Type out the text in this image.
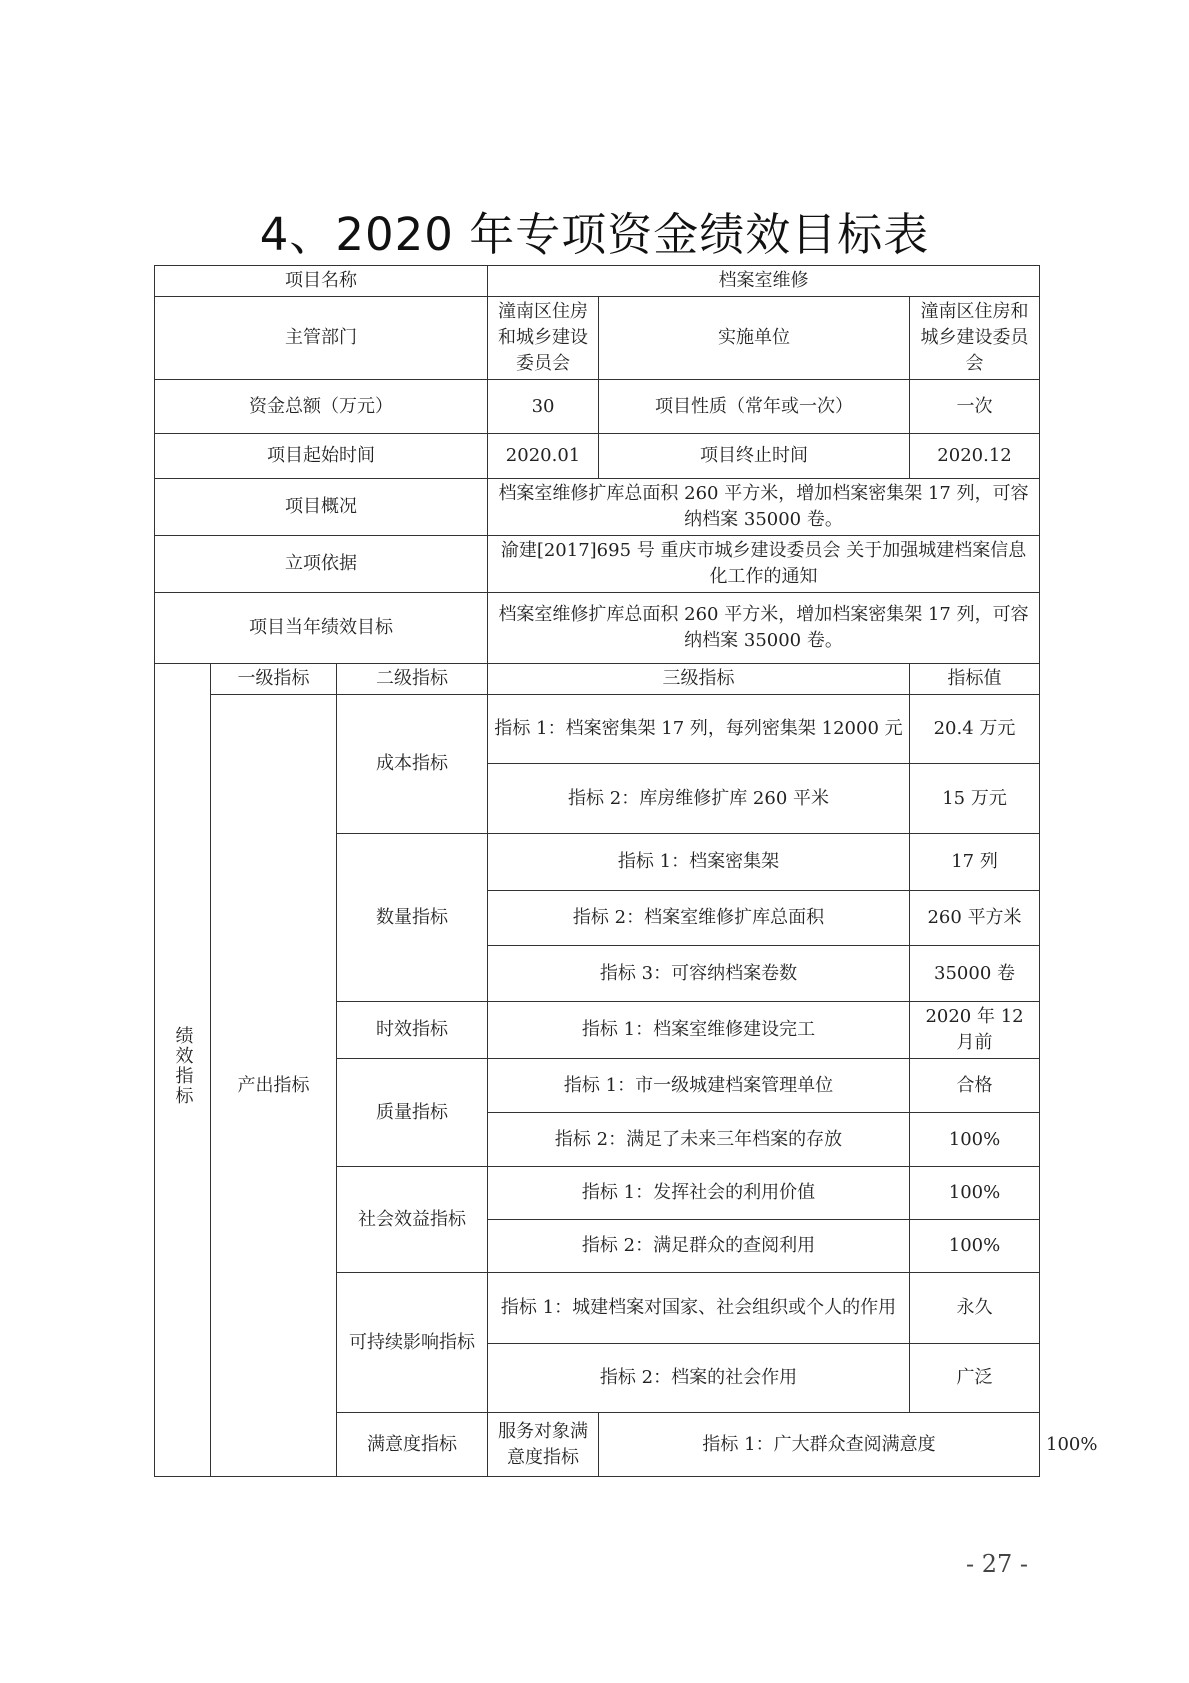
4、2020 年专项资金绩效目标表
项目名称			档案室维修			
主管部门			潼南区住房和城乡建设委员会	实施单位	潼南区住房和城乡建设委员会	
资金总额（万元）			30	项目性质（常年或一次）	一次	
项目起始时间			2020.01	项目终止时间	2020.12	
项目概况			档案室维修扩库总面积 260 平方米，增加档案密集架 17 列，可容纳档案 35000 卷。			
立项依据			渝建[2017]695 号 重庆市城乡建设委员会 关于加强城建档案信息化工作的通知			
项目当年绩效目标			档案室维修扩库总面积 260 平方米，增加档案密集架 17 列，可容纳档案 35000 卷。			
绩效指标	一级指标	二级指标	三级指标		指标值	
	产出指标	成本指标	指标 1：档案密集架 17 列，每列密集架 12000 元		20.4 万元	
			指标 2：库房维修扩库 260 平米		15 万元	
		数量指标	指标 1：档案密集架		17 列	
			指标 2：档案室维修扩库总面积		260 平方米	
			指标 3：可容纳档案卷数		35000 卷	
		时效指标	指标 1：档案室维修建设完工		2020 年 12 月前	
		质量指标	指标 1：市一级城建档案管理单位		合格	
			指标 2：满足了未来三年档案的存放		100%	
		社会效益指标	指标 1：发挥社会的利用价值		100%	
			指标 2：满足群众的查阅利用		100%	
		可持续影响指标	指标 1：城建档案对国家、社会组织或个人的作用		永久	
			指标 2：档案的社会作用		广泛	
		满意度指标	服务对象满意度指标	指标 1：广大群众查阅满意度		100%
- 27 -
